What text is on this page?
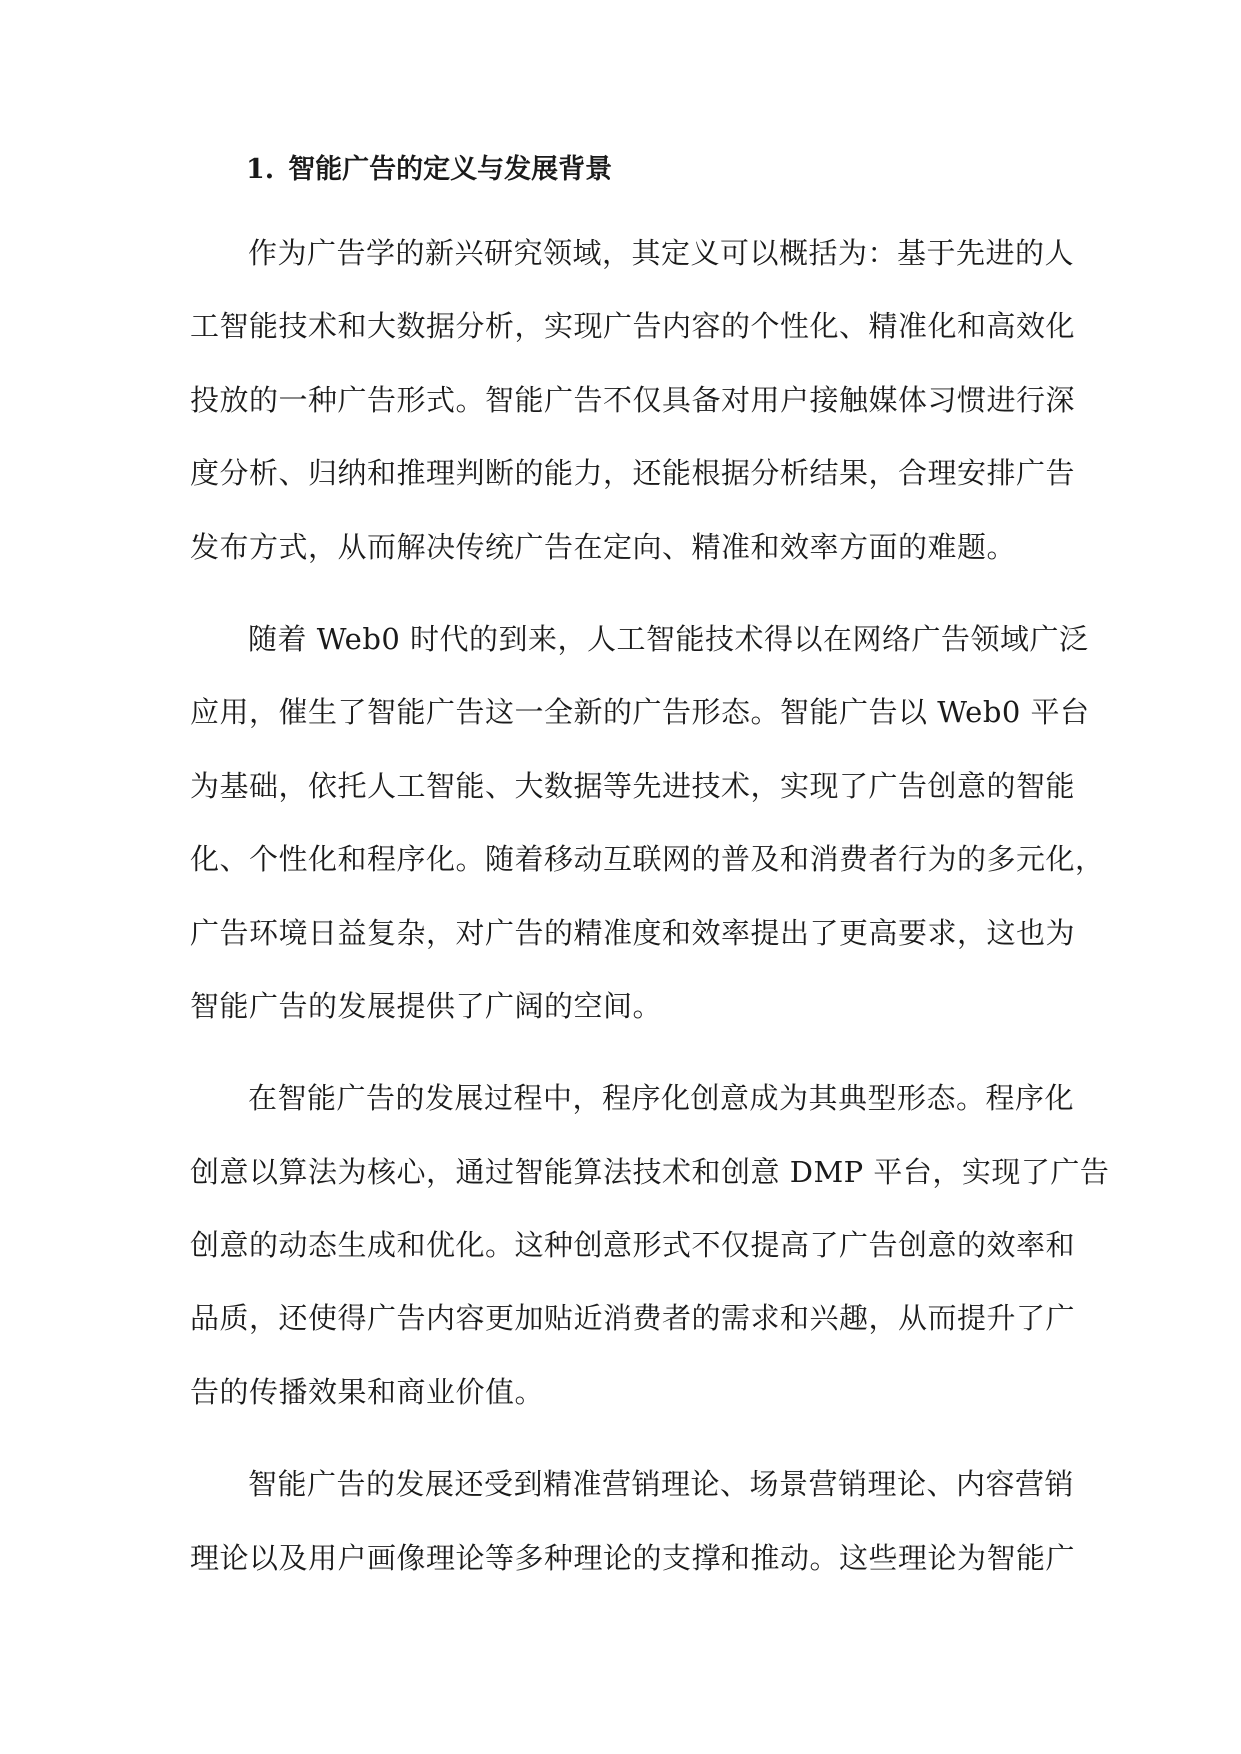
1. 智能广告的定义与发展背景
作为广告学的新兴研究领域，其定义可以概括为：基于先进的人
工智能技术和大数据分析，实现广告内容的个性化、精准化和高效化
投放的一种广告形式。智能广告不仅具备对用户接触媒体习惯进行深
度分析、归纳和推理判断的能力，还能根据分析结果，合理安排广告
发布方式，从而解决传统广告在定向、精准和效率方面的难题。
随着 Web0 时代的到来，人工智能技术得以在网络广告领域广泛
应用，催生了智能广告这一全新的广告形态。智能广告以 Web0 平台
为基础，依托人工智能、大数据等先进技术，实现了广告创意的智能
化、个性化和程序化。随着移动互联网的普及和消费者行为的多元化，
广告环境日益复杂，对广告的精准度和效率提出了更高要求，这也为
智能广告的发展提供了广阔的空间。
在智能广告的发展过程中，程序化创意成为其典型形态。程序化
创意以算法为核心，通过智能算法技术和创意 DMP 平台，实现了广告
创意的动态生成和优化。这种创意形式不仅提高了广告创意的效率和
品质，还使得广告内容更加贴近消费者的需求和兴趣，从而提升了广
告的传播效果和商业价值。
智能广告的发展还受到精准营销理论、场景营销理论、内容营销
理论以及用户画像理论等多种理论的支撑和推动。这些理论为智能广
